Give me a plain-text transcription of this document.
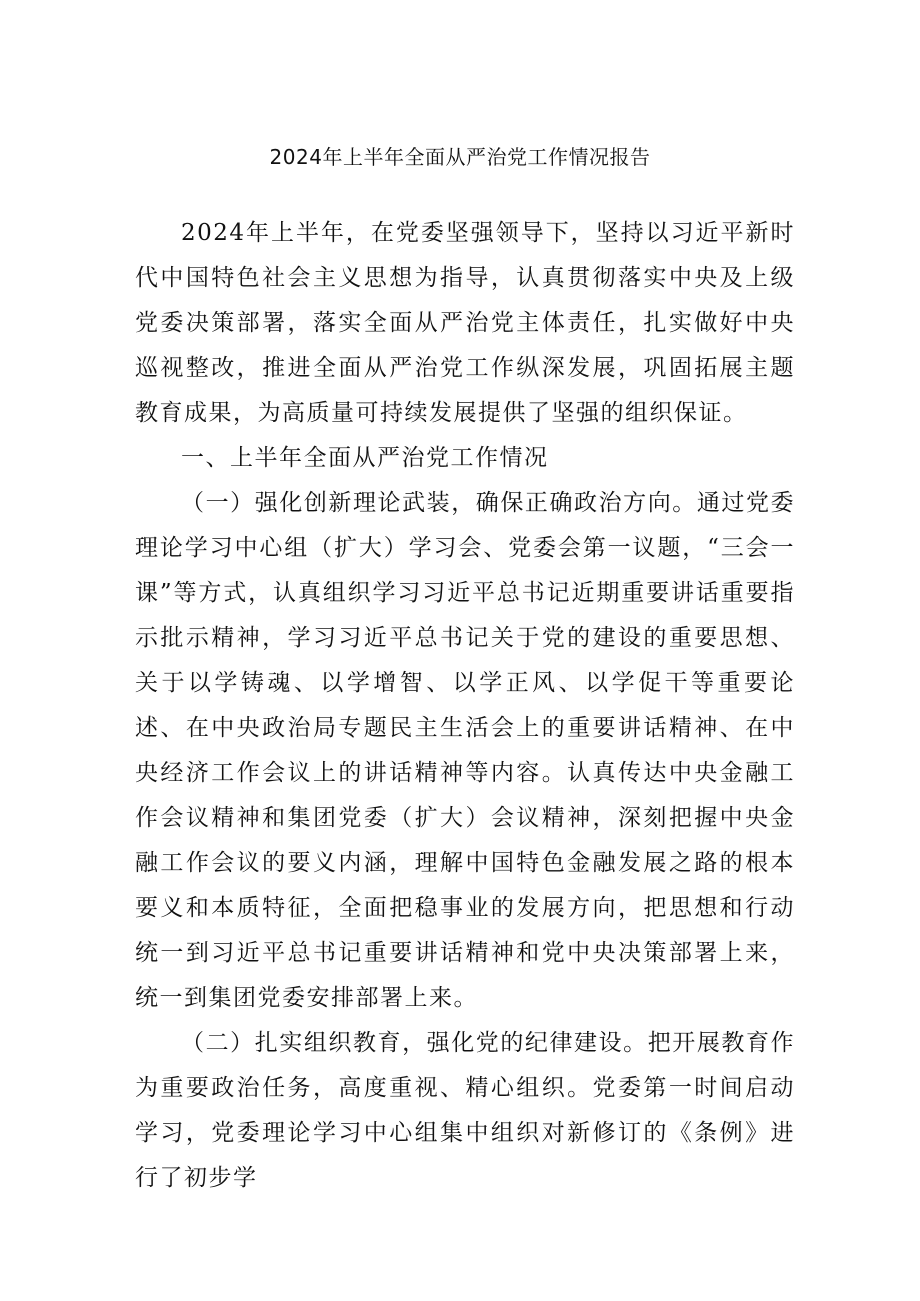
2024年上半年全面从严治党工作情况报告

2024年上半年，在党委坚强领导下，坚持以习近平新时代中国特色社会主义思想为指导，认真贯彻落实中央及上级党委决策部署，落实全面从严治党主体责任，扎实做好中央巡视整改，推进全面从严治党工作纵深发展，巩固拓展主题教育成果，为高质量可持续发展提供了坚强的组织保证。

一、上半年全面从严治党工作情况

（一）强化创新理论武装，确保正确政治方向。通过党委理论学习中心组（扩大）学习会、党委会第一议题，“三会一课”等方式，认真组织学习习近平总书记近期重要讲话重要指示批示精神，学习习近平总书记关于党的建设的重要思想、关于以学铸魂、以学增智、以学正风、以学促干等重要论述、在中央政治局专题民主生活会上的重要讲话精神、在中央经济工作会议上的讲话精神等内容。认真传达中央金融工作会议精神和集团党委（扩大）会议精神，深刻把握中央金融工作会议的要义内涵，理解中国特色金融发展之路的根本要义和本质特征，全面把稳事业的发展方向，把思想和行动统一到习近平总书记重要讲话精神和党中央决策部署上来，统一到集团党委安排部署上来。

（二）扎实组织教育，强化党的纪律建设。把开展教育作为重要政治任务，高度重视、精心组织。党委第一时间启动学习，党委理论学习中心组集中组织对新修订的《条例》进行了初步学
